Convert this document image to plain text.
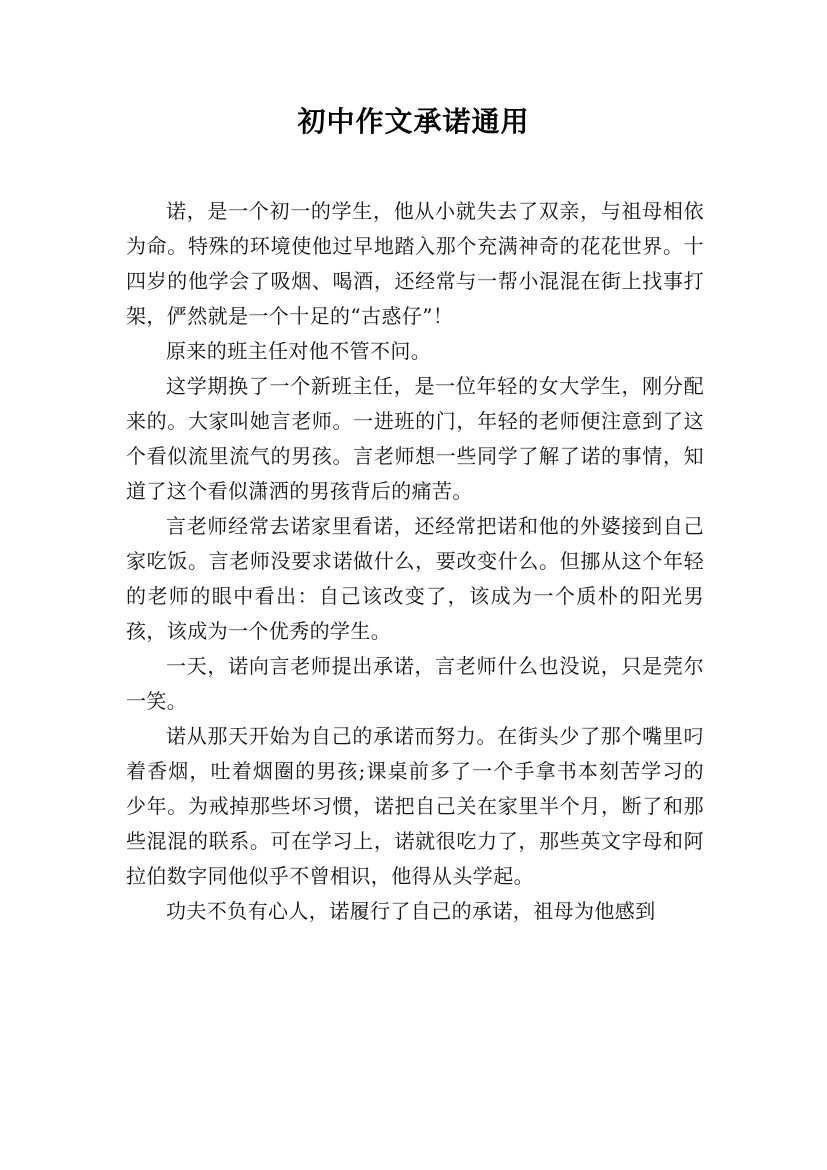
初中作文承诺通用

诺，是一个初一的学生，他从小就失去了双亲，与祖母相依为命。特殊的环境使他过早地踏入那个充满神奇的花花世界。十四岁的他学会了吸烟、喝酒，还经常与一帮小混混在街上找事打架，俨然就是一个十足的“古惑仔”！

原来的班主任对他不管不问。

这学期换了一个新班主任，是一位年轻的女大学生，刚分配来的。大家叫她言老师。一进班的门，年轻的老师便注意到了这个看似流里流气的男孩。言老师想一些同学了解了诺的事情，知道了这个看似潇洒的男孩背后的痛苦。

言老师经常去诺家里看诺，还经常把诺和他的外婆接到自己家吃饭。言老师没要求诺做什么，要改变什么。但挪从这个年轻的老师的眼中看出：自己该改变了，该成为一个质朴的阳光男孩，该成为一个优秀的学生。

一天，诺向言老师提出承诺，言老师什么也没说，只是莞尔一笑。

诺从那天开始为自己的承诺而努力。在街头少了那个嘴里叼着香烟，吐着烟圈的男孩;课桌前多了一个手拿书本刻苦学习的少年。为戒掉那些坏习惯，诺把自己关在家里半个月，断了和那些混混的联系。可在学习上，诺就很吃力了，那些英文字母和阿拉伯数字同他似乎不曾相识，他得从头学起。

功夫不负有心人，诺履行了自己的承诺，祖母为他感到
